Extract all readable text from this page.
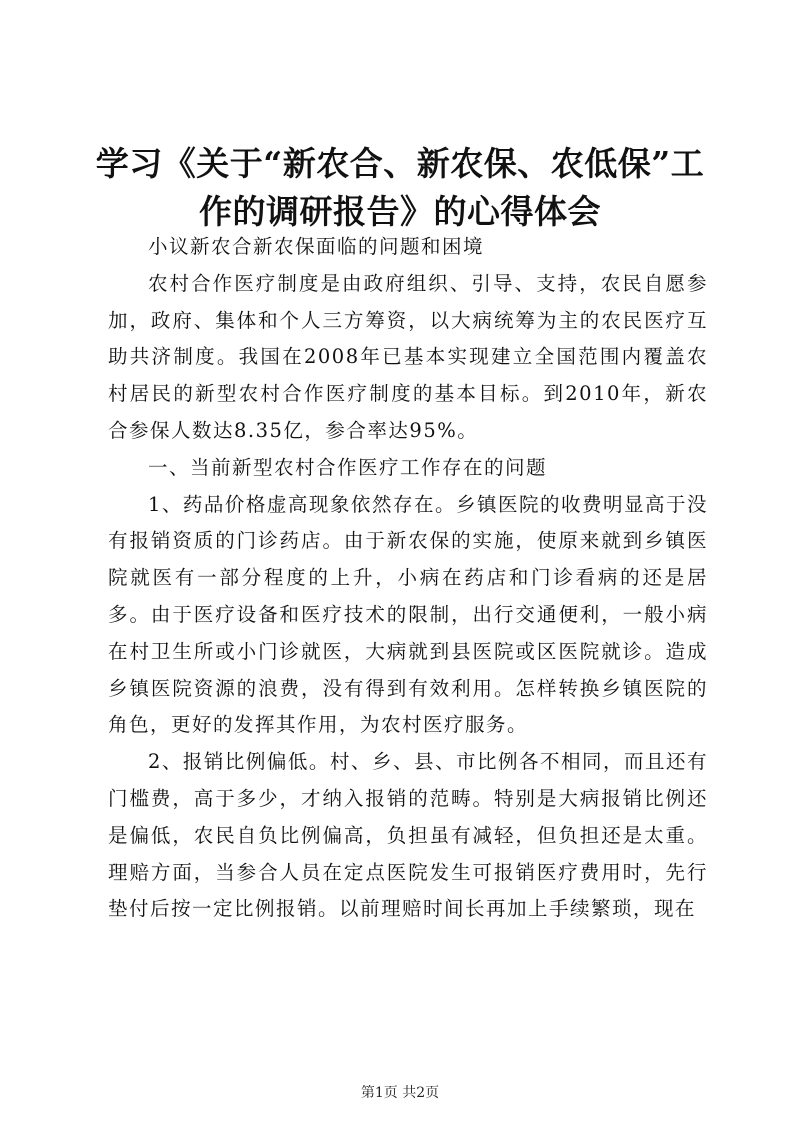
学习《关于“新农合、新农保、农低保”工作的调研报告》的心得体会

小议新农合新农保面临的问题和困境

农村合作医疗制度是由政府组织、引导、支持，农民自愿参加，政府、集体和个人三方筹资，以大病统筹为主的农民医疗互助共济制度。我国在2008年已基本实现建立全国范围内覆盖农村居民的新型农村合作医疗制度的基本目标。到2010年，新农合参保人数达8.35亿，参合率达95%。

一、当前新型农村合作医疗工作存在的问题

1、药品价格虚高现象依然存在。乡镇医院的收费明显高于没有报销资质的门诊药店。由于新农保的实施，使原来就到乡镇医院就医有一部分程度的上升，小病在药店和门诊看病的还是居多。由于医疗设备和医疗技术的限制，出行交通便利，一般小病在村卫生所或小门诊就医，大病就到县医院或区医院就诊。造成乡镇医院资源的浪费，没有得到有效利用。怎样转换乡镇医院的角色，更好的发挥其作用，为农村医疗服务。

2、报销比例偏低。村、乡、县、市比例各不相同，而且还有门槛费，高于多少，才纳入报销的范畴。特别是大病报销比例还是偏低，农民自负比例偏高，负担虽有减轻，但负担还是太重。理赔方面，当参合人员在定点医院发生可报销医疗费用时，先行垫付后按一定比例报销。以前理赔时间长再加上手续繁琐，现在

第1页 共2页
